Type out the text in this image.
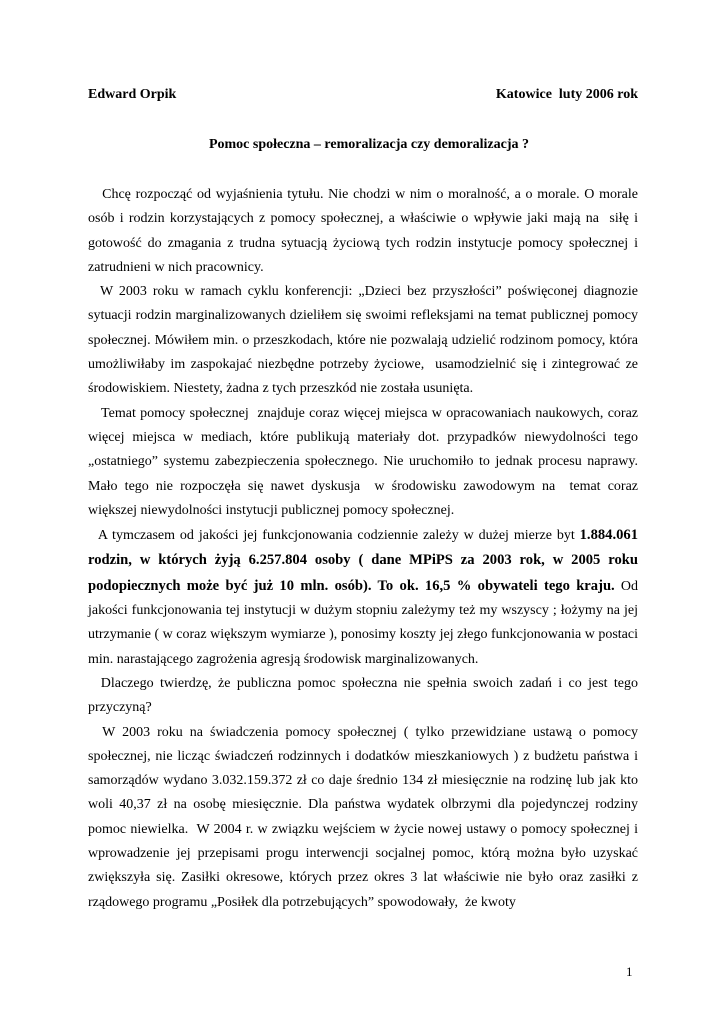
Edward Orpik	Katowice  luty 2006 rok
Pomoc społeczna – remoralizacja czy demoralizacja ?

Chcę rozpocząć od wyjaśnienia tytułu. Nie chodzi w nim o moralność, a o morale. O morale osób i rodzin korzystających z pomocy społecznej, a właściwie o wpływie jaki mają na  siłę i gotowość do zmagania z trudna sytuacją życiową tych rodzin instytucje pomocy społecznej i zatrudnieni w nich pracownicy.

W 2003 roku w ramach cyklu konferencji: „Dzieci bez przyszłości” poświęconej diagnozie sytuacji rodzin marginalizowanych dzieliłem się swoimi refleksjami na temat publicznej pomocy społecznej. Mówiłem min. o przeszkodach, które nie pozwalają udzielić rodzinom pomocy, która umożliwiłaby im zaspokajać niezbędne potrzeby życiowe,  usamodzielnić się i zintegrować ze środowiskiem. Niestety, żadna z tych przeszkód nie została usunięta.

Temat pomocy społecznej  znajduje coraz więcej miejsca w opracowaniach naukowych, coraz więcej miejsca w mediach, które publikują materiały dot. przypadków niewydolności tego „ostatniego” systemu zabezpieczenia społecznego. Nie uruchomiło to jednak procesu naprawy. Mało tego nie rozpoczęła się nawet dyskusja  w środowisku zawodowym na  temat coraz większej niewydolności instytucji publicznej pomocy społecznej.

A tymczasem od jakości jej funkcjonowania codziennie zależy w dużej mierze byt 1.884.061 rodzin, w których żyją 6.257.804 osoby ( dane MPiPS za 2003 rok, w 2005 roku podopiecznych może być już 10 mln. osób). To ok. 16,5 % obywateli tego kraju. Od jakości funkcjonowania tej instytucji w dużym stopniu zależymy też my wszyscy ; łożymy na jej utrzymanie ( w coraz większym wymiarze ), ponosimy koszty jej złego funkcjonowania w postaci min. narastającego zagrożenia agresją środowisk marginalizowanych.

Dlaczego twierdzę, że publiczna pomoc społeczna nie spełnia swoich zadań i co jest tego przyczyną?

W 2003 roku na świadczenia pomocy społecznej ( tylko przewidziane ustawą o pomocy społecznej, nie licząc świadczeń rodzinnych i dodatków mieszkaniowych ) z budżetu państwa i samorządów wydano 3.032.159.372 zł co daje średnio 134 zł miesięcznie na rodzinę lub jak kto woli 40,37 zł na osobę miesięcznie. Dla państwa wydatek olbrzymi dla pojedynczej rodziny pomoc niewielka.  W 2004 r. w związku wejściem w życie nowej ustawy o pomocy społecznej i wprowadzenie jej przepisami progu interwencji socjalnej pomoc, którą można było uzyskać zwiększyła się. Zasiłki okresowe, których przez okres 3 lat właściwie nie było oraz zasiłki z rządowego programu „Posiłek dla potrzebujących” spowodowały,  że kwoty

1
